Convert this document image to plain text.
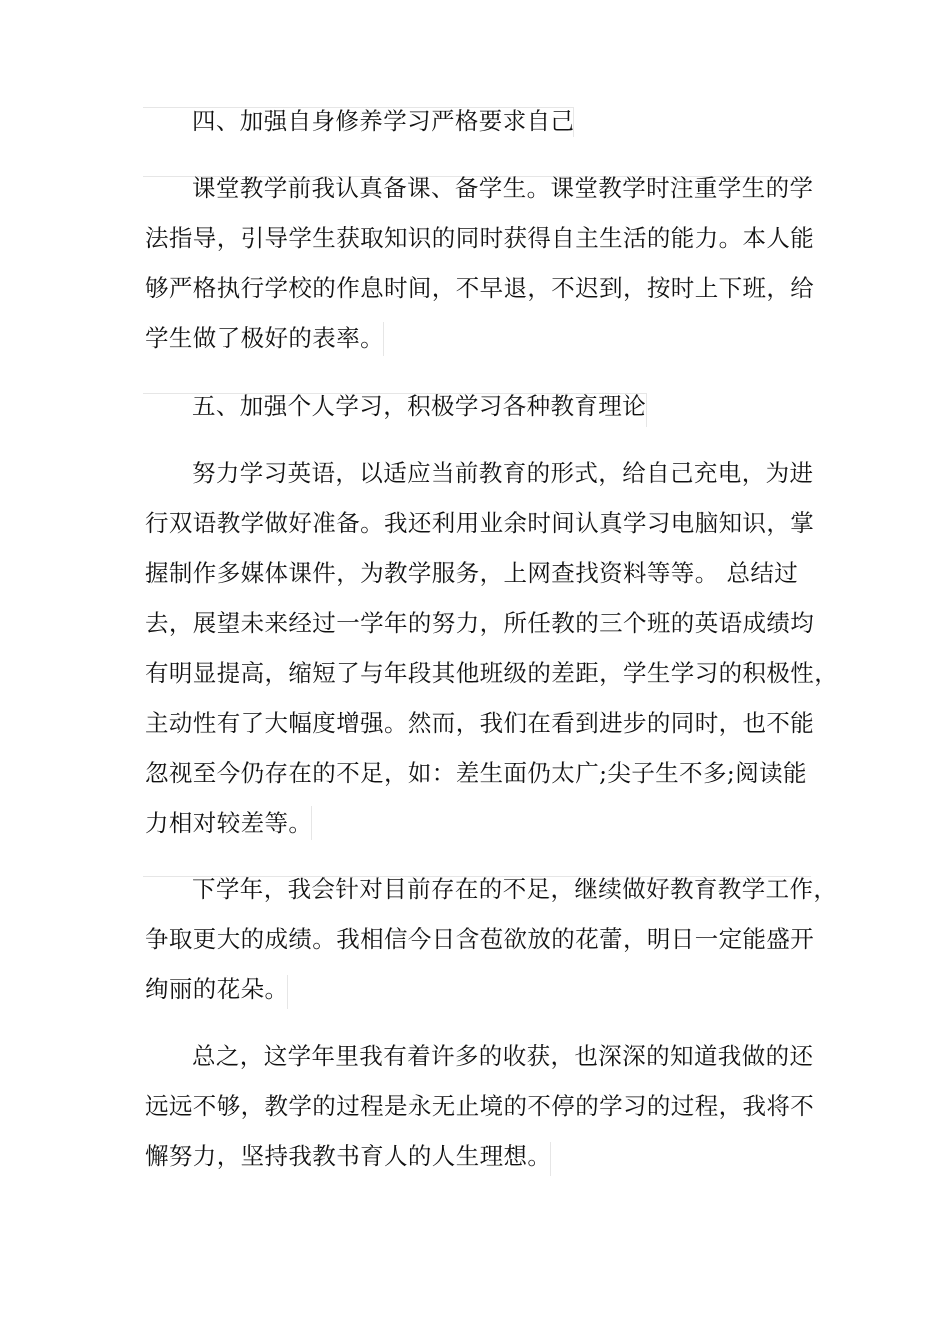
四、加强自身修养学习严格要求自己

课堂教学前我认真备课、备学生。课堂教学时注重学生的学
法指导，引导学生获取知识的同时获得自主生活的能力。本人能
够严格执行学校的作息时间，不早退，不迟到，按时上下班，给
学生做了极好的表率。

五、加强个人学习，积极学习各种教育理论

努力学习英语，以适应当前教育的形式，给自己充电，为进
行双语教学做好准备。我还利用业余时间认真学习电脑知识，掌
握制作多媒体课件，为教学服务，上网查找资料等等。 总结过
去，展望未来经过一学年的努力，所任教的三个班的英语成绩均
有明显提高，缩短了与年段其他班级的差距，学生学习的积极性，
主动性有了大幅度增强。然而，我们在看到进步的同时，也不能
忽视至今仍存在的不足，如：差生面仍太广;尖子生不多;阅读能
力相对较差等。

下学年，我会针对目前存在的不足，继续做好教育教学工作，
争取更大的成绩。我相信今日含苞欲放的花蕾，明日一定能盛开
绚丽的花朵。

总之，这学年里我有着许多的收获，也深深的知道我做的还
远远不够，教学的过程是永无止境的不停的学习的过程，我将不
懈努力，坚持我教书育人的人生理想。
